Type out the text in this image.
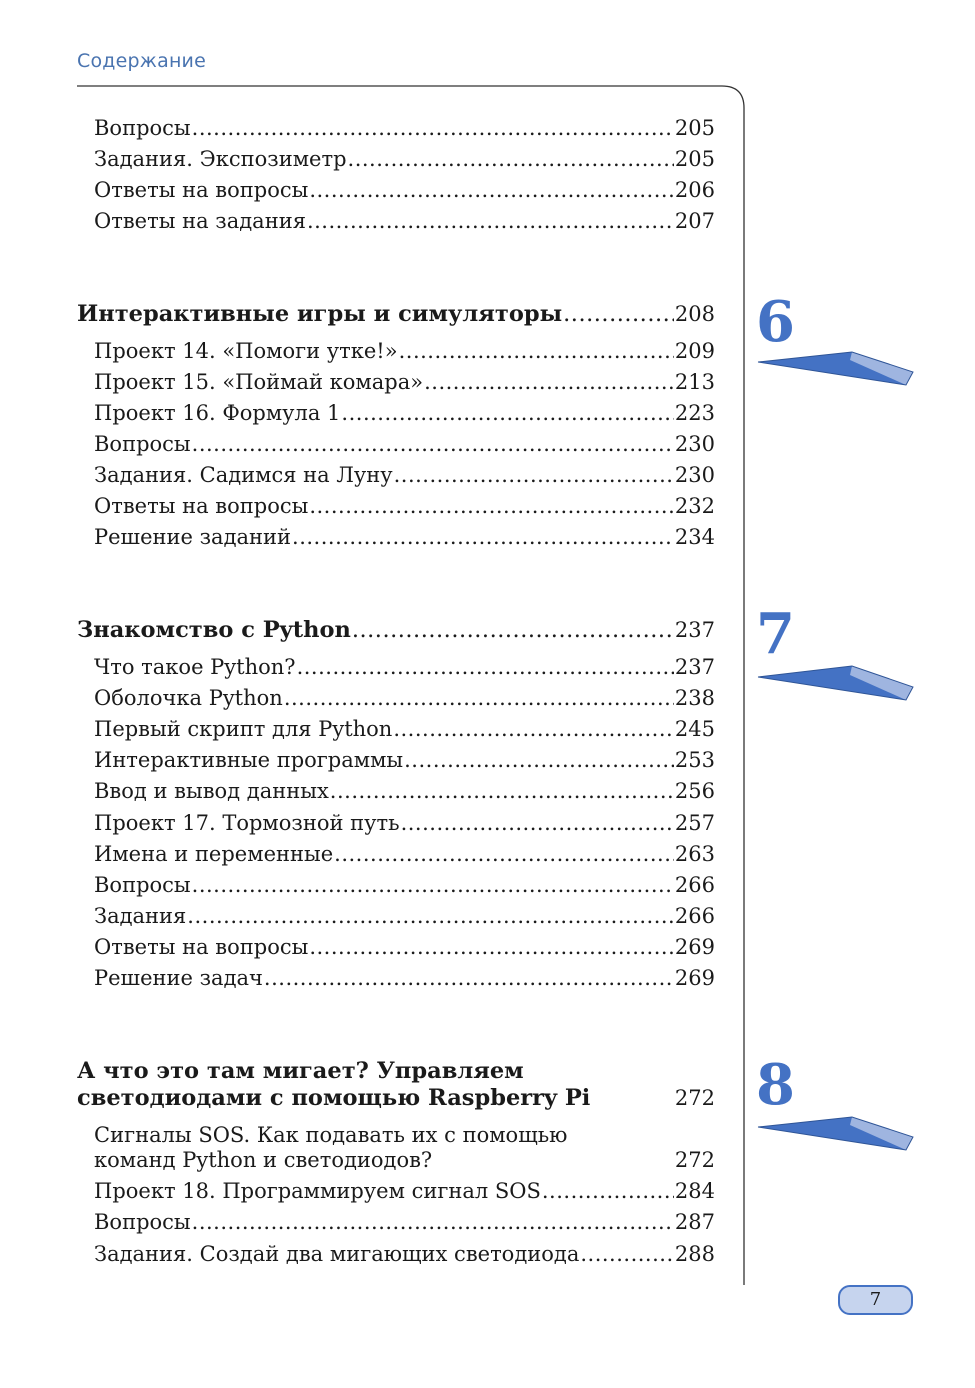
Содержание
Вопросы .....	205
Задания. Экспозиметр .....	205
Ответы на вопросы .....	206
Ответы на задания .....	207
Интерактивные игры и симуляторы .....	208
Проект 14. «Помоги утке!» .....	209
Проект 15. «Поймай комара» .....	213
Проект 16. Формула 1 .....	223
Вопросы .....	230
Задания. Садимся на Луну .....	230
Ответы на вопросы .....	232
Решение заданий .....	234
Знакомство с Python .....	237
Что такое Python? .....	237
Оболочка Python .....	238
Первый скрипт для Python .....	245
Интерактивные программы .....	253
Ввод и вывод данных .....	256
Проект 17. Тормозной путь .....	257
Имена и переменные .....	263
Вопросы .....	266
Задания .....	266
Ответы на вопросы .....	269
Решение задач .....	269
А что это там мигает? Управляем
светодиодами с помощью Raspberry Pi	272
Сигналы SOS. Как подавать их с помощью
команд Python и светодиодов?	272
Проект 18. Программируем сигнал SOS .....	284
Вопросы .....	287
Задания. Создай два мигающих светодиода .....	288
6
7
8
7
